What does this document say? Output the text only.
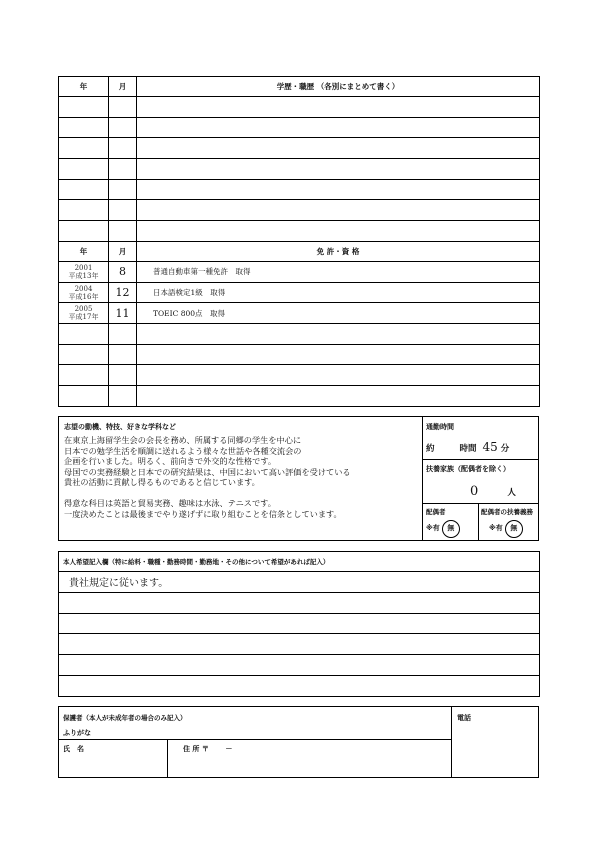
年	月	学歴・職歴 （各別にまとめて書く）

年	月	免 許・資 格

2001
平成13年	8	普通自動車第一種免許　取得

2004
平成16年	12	日本語検定1級　取得

2005
平成17年	11	TOEIC 800点　取得

志望の動機、特技、好きな学科など
在東京上海留学生会の会長を務め、所属する同郷の学生を中心に
日本での勉学生活を順調に送れるよう様々な世話や各種交流会の
企画を行いました。明るく、前向きで外交的な性格です。
母国での実務経験と日本での研究結果は、中国において高い評価を受けている
貴社の活動に貢献し得るものであると信じています。
得意な科目は英語と貿易実務、趣味は水泳、テニスです。
一度決めたことは最後までやり遂げずに取り組むことを信条としています。
通勤時間
約	時間 45 分
扶養家族（配偶者を除く）
0	人
配偶者
※有 無
配偶者の扶養義務
※有 無
本人希望記入欄（特に給料・職種・勤務時間・勤務地・その他について希望があれば記入）
貴社規定に従います。

保護者（本人が未成年者の場合のみ記入）
ふりがな
氏　名	住 所 〒 －
電話
